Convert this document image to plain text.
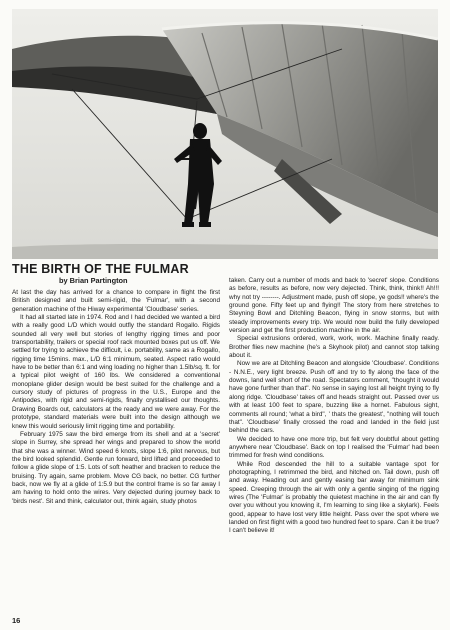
THE BIRTH OF THE FULMAR

by Brian Partington

At last the day has arrived for a chance to compare in flight the first British designed and built semi-rigid, the 'Fulmar', with a second generation machine of the Hiway experimental 'Cloudbase' series.

It had all started late in 1974. Rod and I had decided we wanted a bird with a really good L/D which would outfly the standard Rogallo. Rigids sounded all very well but stories of lengthy rigging times and poor transportability, trailers or special roof rack mounted boxes put us off. We settled for trying to achieve the difficult, i.e. portability, same as a Rogallo, rigging time 15mins. max., L/D 6:1 minimum, seated. Aspect ratio would have to be better than 6:1 and wing loading no higher than 1.5lb/sq. ft. for a typical pilot weight of 160 lbs. We considered a conventional monoplane glider design would be best suited for the challenge and a cursory study of pictures of progress in the U.S., Europe and the Antipodes, with rigid and semi-rigids, finally crystallised our thoughts. Drawing Boards out, calculators at the ready and we were away. For the prototype, standard materials were built into the design although we knew this would seriously limit rigging time and portability.

February 1975 saw the bird emerge from its shell and at a 'secret' slope in Surrey, she spread her wings and prepared to show the world that she was a winner. Wind speed 6 knots, slope 1:6, pilot nervous, but the bird looked splendid. Gentle run forward, bird lifted and proceeded to follow a glide slope of 1:5. Lots of soft heather and bracken to reduce the bruising. Try again, same problem. Move CG back, no better. CG further back, now we fly at a glide of 1:5.9 but the control frame is so far away I am having to hold onto the wires. Very dejected during journey back to 'birds nest'. Sit and think, calculator out, think again, study photos

taken. Carry out a number of mods and back to 'secret' slope. Conditions as before, results as before, now very dejected. Think, think, think!! Ah!!! why not try --------. Adjustment made, push off slope, ye gods!! where's the ground gone. Fifty feet up and flying!! The story from here stretches to Steyning Bowl and Ditchling Beacon, flying in snow storms, but with steady improvements every trip. We would now build the fully developed version and get the first production machine in the air.

Special extrusions ordered, work, work, work. Machine finally ready. Brother flies new machine (he's a Skyhook pilot) and cannot stop talking about it.

Now we are at Ditchling Beacon and alongside 'Cloudbase'. Conditions - N.N.E., very light breeze. Push off and try to fly along the face of the downs, land well short of the road. Spectators comment, "thought it would have gone further than that". No sense in saying lost all height trying to fly along ridge. 'Cloudbase' takes off and heads straight out. Passed over us with at least 100 feet to spare, buzzing like a hornet. Fabulous sight, comments all round; 'what a bird", ' thats the greatest', "nothing will touch that". 'Cloudbase' finally crossed the road and landed in the field just behind the cars.

We decided to have one more trip, but felt very doubtful about getting anywhere near 'Cloudbase'. Back on top I realised the 'Fulmar' had been trimmed for fresh wind conditions.

While Rod descended the hill to a suitable vantage spot for photographing, I retrimmed the bird, and hitched on. Tail down, push off and away. Heading out and gently easing bar away for minimum sink speed. Creeping through the air with only a gentle singing of the rigging wires (The 'Fulmar' is probably the quietest machine in the air and can fly over you without you knowing it, I'm learning to sing like a skylark). Feels good, appear to have lost very little height. Pass over the spot where we landed on first flight with a good two hundred feet to spare. Can it be true? I can't believe it!

16
